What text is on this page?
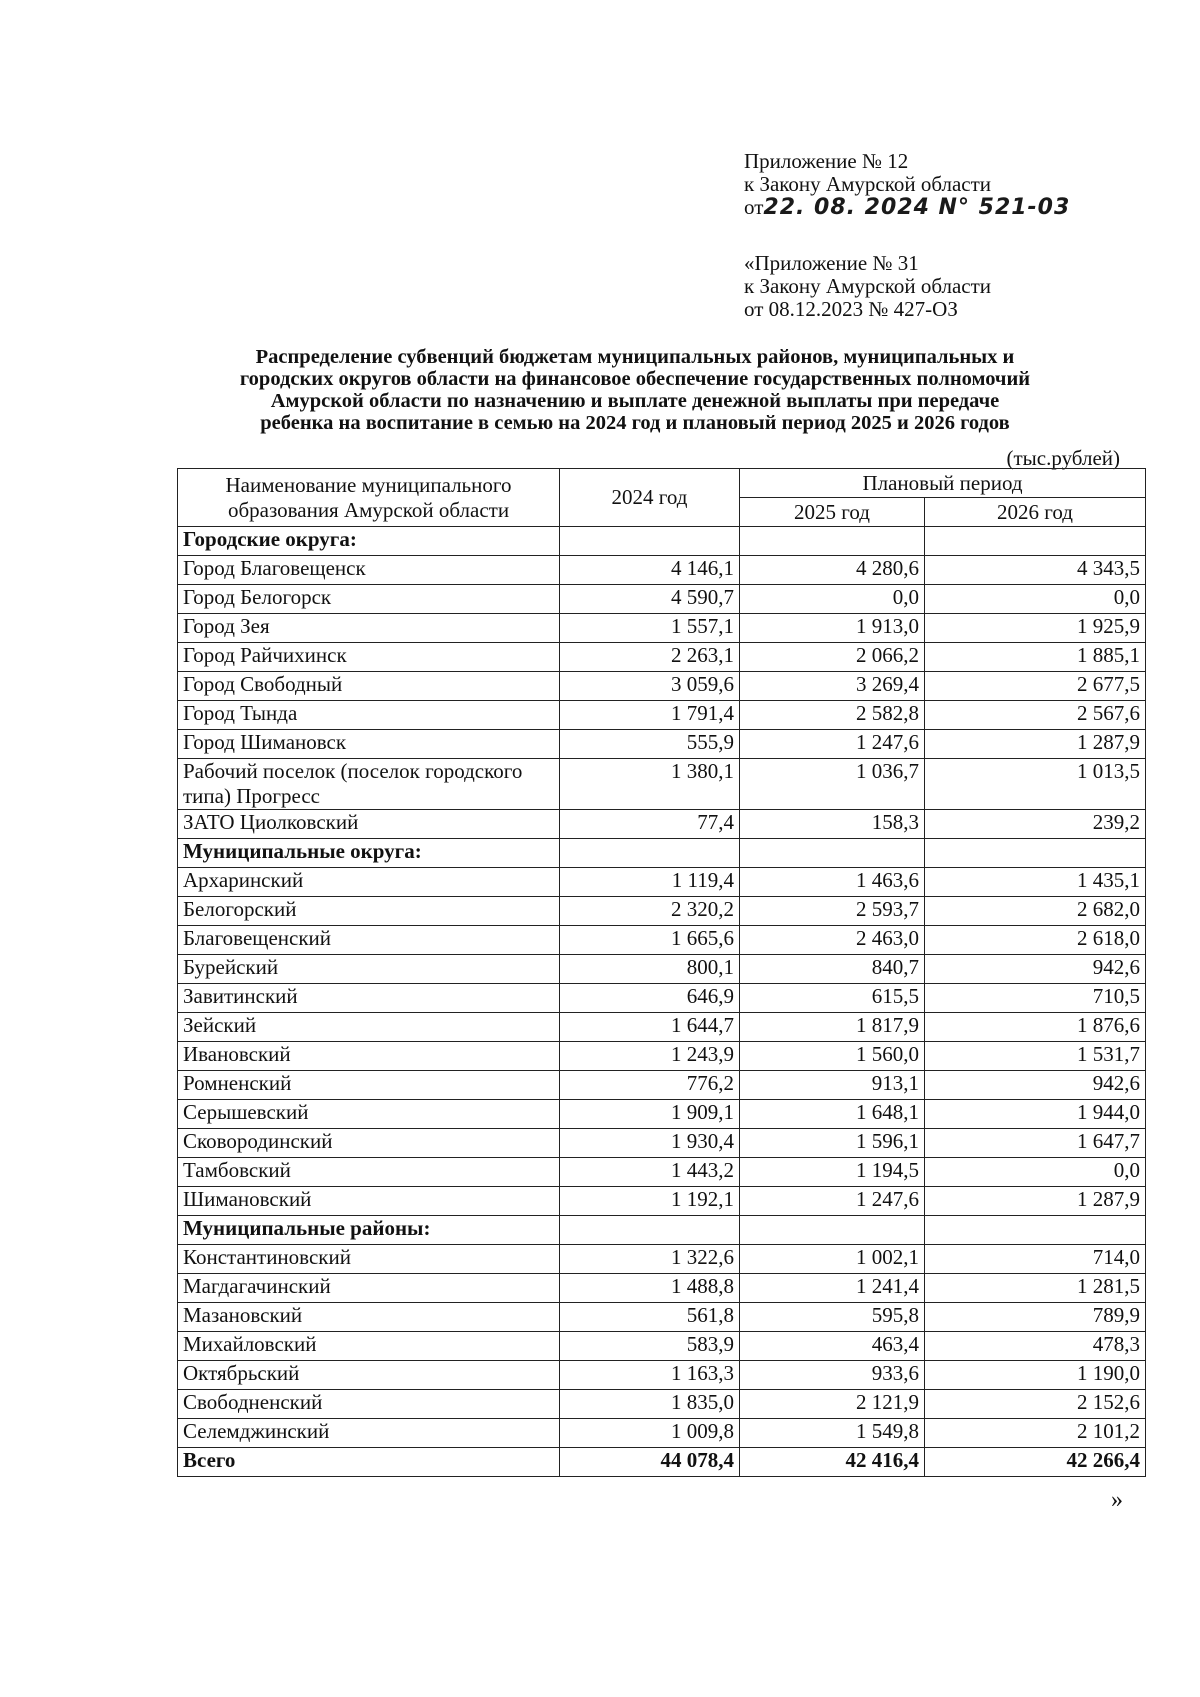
Приложение № 12
к Закону Амурской области
от22. 08. 2024 N° 521-03
«Приложение № 31
к Закону Амурской области
от 08.12.2023 № 427-ОЗ
Распределение субвенций бюджетам муниципальных районов, муниципальных и
городских округов области на финансовое обеспечение государственных полномочий
Амурской области по назначению и выплате денежной выплаты при передаче
ребенка на воспитание в семью на 2024 год и плановый период 2025 и 2026 годов
(тыс.рублей)
Наименование муниципального образования Амурской области	2024 год	Плановый период	
		2025 год	2026 год
Городские округа:			
Город Благовещенск	4 146,1	4 280,6	4 343,5
Город Белогорск	4 590,7	0,0	0,0
Город Зея	1 557,1	1 913,0	1 925,9
Город Райчихинск	2 263,1	2 066,2	1 885,1
Город Свободный	3 059,6	3 269,4	2 677,5
Город Тында	1 791,4	2 582,8	2 567,6
Город Шимановск	555,9	1 247,6	1 287,9
Рабочий поселок (поселок городского типа) Прогресс	1 380,1	1 036,7	1 013,5
ЗАТО Циолковский	77,4	158,3	239,2
Муниципальные округа:			
Архаринский	1 119,4	1 463,6	1 435,1
Белогорский	2 320,2	2 593,7	2 682,0
Благовещенский	1 665,6	2 463,0	2 618,0
Бурейский	800,1	840,7	942,6
Завитинский	646,9	615,5	710,5
Зейский	1 644,7	1 817,9	1 876,6
Ивановский	1 243,9	1 560,0	1 531,7
Ромненский	776,2	913,1	942,6
Серышевский	1 909,1	1 648,1	1 944,0
Сковородинский	1 930,4	1 596,1	1 647,7
Тамбовский	1 443,2	1 194,5	0,0
Шимановский	1 192,1	1 247,6	1 287,9
Муниципальные районы:			
Константиновский	1 322,6	1 002,1	714,0
Магдагачинский	1 488,8	1 241,4	1 281,5
Мазановский	561,8	595,8	789,9
Михайловский	583,9	463,4	478,3
Октябрьский	1 163,3	933,6	1 190,0
Свободненский	1 835,0	2 121,9	2 152,6
Селемджинский	1 009,8	1 549,8	2 101,2
Всего	44 078,4	42 416,4	42 266,4
»
